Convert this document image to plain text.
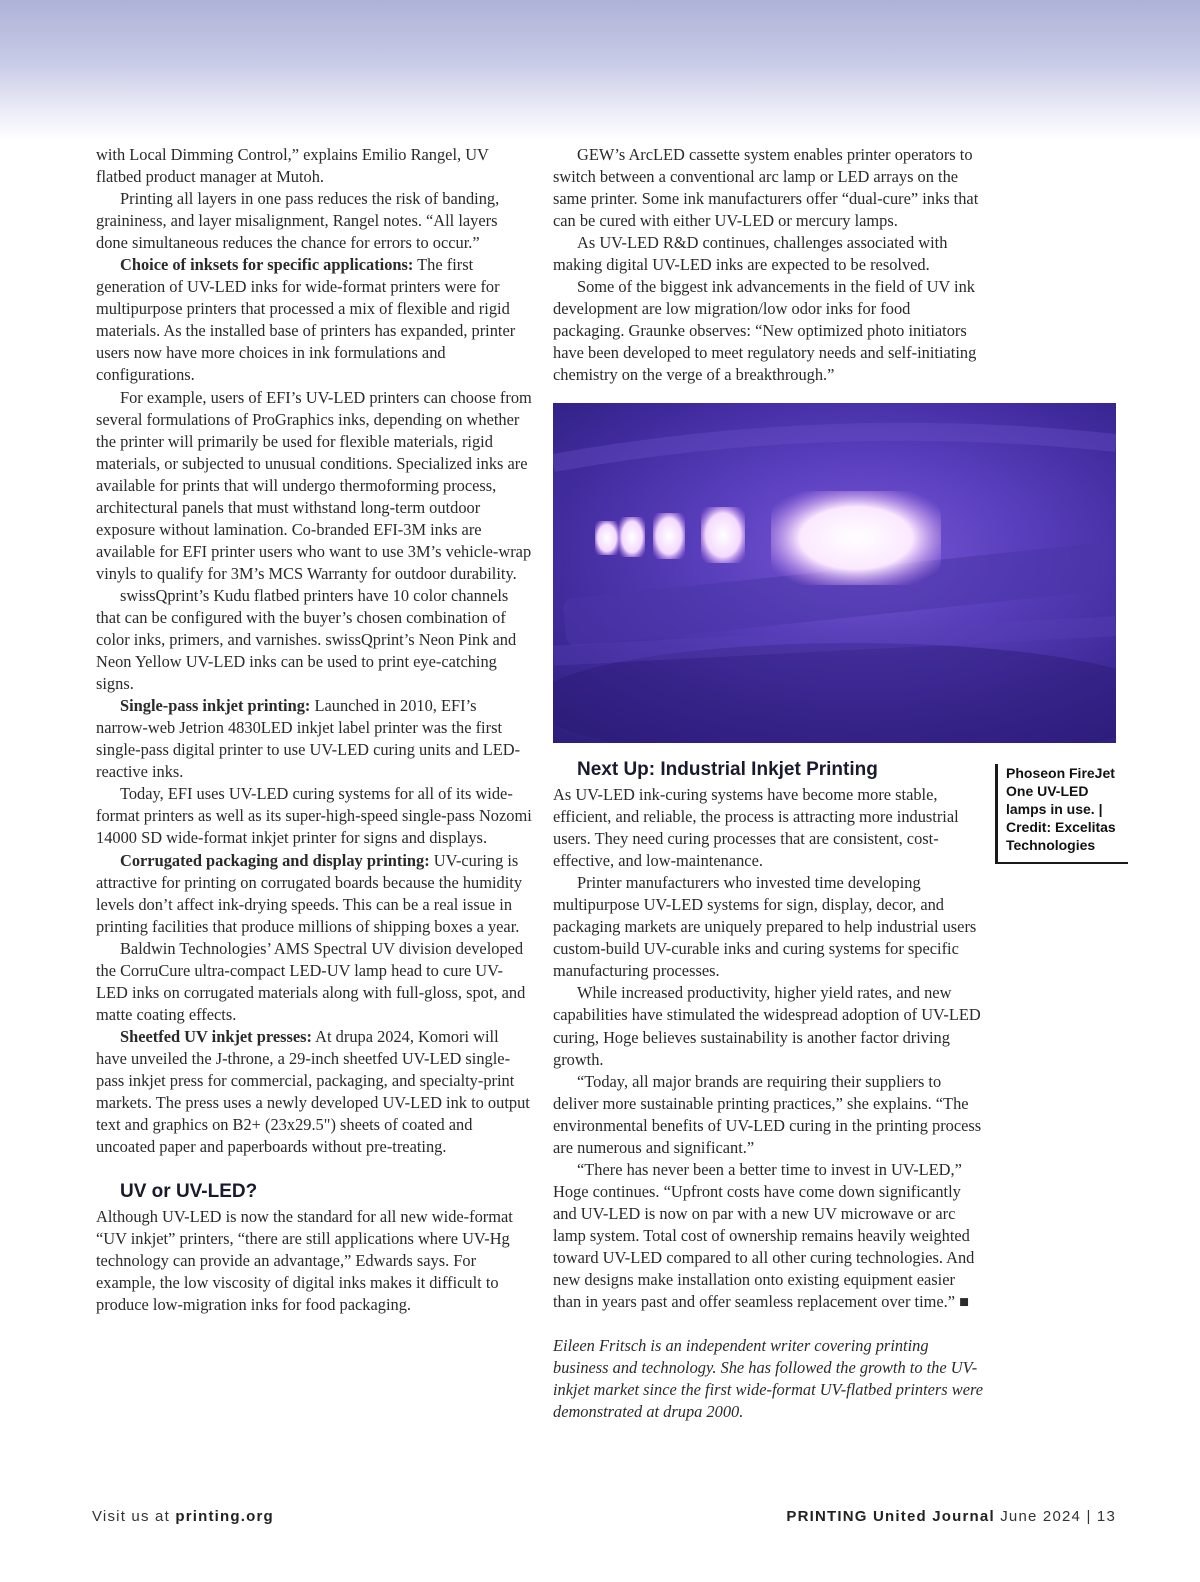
with Local Dimming Control,” explains Emilio Rangel, UV flatbed product manager at Mutoh.

Printing all layers in one pass reduces the risk of banding, graininess, and layer misalignment, Rangel notes. “All layers done simultaneous reduces the chance for errors to occur.”

Choice of inksets for specific applications: The first generation of UV-LED inks for wide-format printers were for multipurpose printers that processed a mix of flexible and rigid materials. As the installed base of printers has expanded, printer users now have more choices in ink formulations and configurations.

For example, users of EFI’s UV-LED printers can choose from several formulations of ProGraphics inks, depending on whether the printer will primarily be used for flexible materials, rigid materials, or subjected to unusual conditions. Specialized inks are available for prints that will undergo thermoforming process, architectural panels that must withstand long-term outdoor exposure without lamination. Co-branded EFI-3M inks are available for EFI printer users who want to use 3M’s vehicle-wrap vinyls to qualify for 3M’s MCS Warranty for outdoor durability.

swissQprint’s Kudu flatbed printers have 10 color channels that can be configured with the buyer’s chosen combination of color inks, primers, and varnishes. swissQprint’s Neon Pink and Neon Yellow UV-LED inks can be used to print eye-catching signs.

Single-pass inkjet printing: Launched in 2010, EFI’s narrow-web Jetrion 4830LED inkjet label printer was the first single-pass digital printer to use UV-LED curing units and LED-reactive inks.

Today, EFI uses UV-LED curing systems for all of its wide-format printers as well as its super-high-speed single-pass Nozomi 14000 SD wide-format inkjet printer for signs and displays.

Corrugated packaging and display printing: UV-curing is attractive for printing on corrugated boards because the humidity levels don’t affect ink-drying speeds. This can be a real issue in printing facilities that produce millions of shipping boxes a year.

Baldwin Technologies’ AMS Spectral UV division developed the CorruCure ultra-compact LED-UV lamp head to cure UV-LED inks on corrugated materials along with full-gloss, spot, and matte coating effects.

Sheetfed UV inkjet presses: At drupa 2024, Komori will have unveiled the J-throne, a 29-inch sheetfed UV-LED single-pass inkjet press for commercial, packaging, and specialty-print markets. The press uses a newly developed UV-LED ink to output text and graphics on B2+ (23x29.5") sheets of coated and uncoated paper and paperboards without pre-treating.

UV or UV-LED?

Although UV-LED is now the standard for all new wide-format “UV inkjet” printers, “there are still applications where UV-Hg technology can provide an advantage,” Edwards says. For example, the low viscosity of digital inks makes it difficult to produce low-migration inks for food packaging.

GEW’s ArcLED cassette system enables printer operators to switch between a conventional arc lamp or LED arrays on the same printer. Some ink manufacturers offer “dual-cure” inks that can be cured with either UV-LED or mercury lamps.

As UV-LED R&D continues, challenges associated with making digital UV-LED inks are expected to be resolved.

Some of the biggest ink advancements in the field of UV ink development are low migration/low odor inks for food packaging. Graunke observes: “New optimized photo initiators have been developed to meet regulatory needs and self-initiating chemistry on the verge of a breakthrough.”

Next Up: Industrial Inkjet Printing

As UV-LED ink-curing systems have become more stable, efficient, and reliable, the process is attracting more industrial users. They need curing processes that are consistent, cost-effective, and low-maintenance.

Printer manufacturers who invested time developing multipurpose UV-LED systems for sign, display, decor, and packaging markets are uniquely prepared to help industrial users custom-build UV-curable inks and curing systems for specific manufacturing processes.

While increased productivity, higher yield rates, and new capabilities have stimulated the widespread adoption of UV-LED curing, Hoge believes sustainability is another factor driving growth.

“Today, all major brands are requiring their suppliers to deliver more sustainable printing practices,” she explains. “The environmental benefits of UV-LED curing in the printing process are numerous and significant.”

“There has never been a better time to invest in UV-LED,” Hoge continues. “Upfront costs have come down significantly and UV-LED is now on par with a new UV microwave or arc lamp system. Total cost of ownership remains heavily weighted toward UV-LED compared to all other curing technologies. And new designs make installation onto existing equipment easier than in years past and offer seamless replacement over time.” ■

Eileen Fritsch is an independent writer covering printing business and technology. She has followed the growth to the UV-inkjet market since the first wide-format UV-flatbed printers were demonstrated at drupa 2000.

Phoseon FireJet One UV-LED lamps in use. | Credit: Excelitas Technologies
Visit us at printing.org	PRINTING United Journal June 2024 | 13
